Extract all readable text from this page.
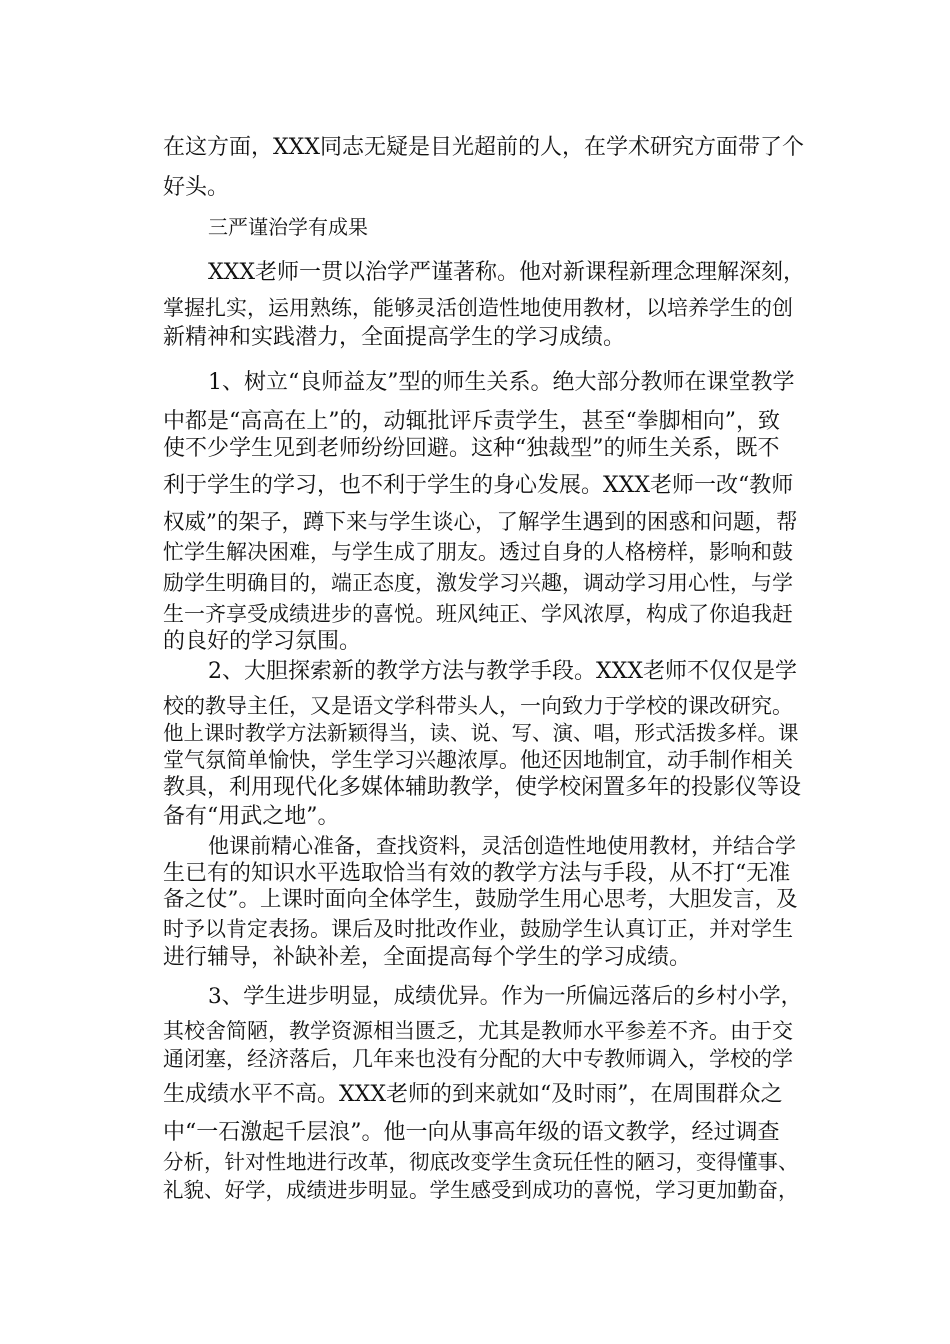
在这方面，XXX同志无疑是目光超前的人，在学术研究方面带了个
好头。
三严谨治学有成果
XXX老师一贯以治学严谨著称。他对新课程新理念理解深刻，
掌握扎实，运用熟练，能够灵活创造性地使用教材，以培养学生的创
新精神和实践潜力，全面提高学生的学习成绩。
1、树立“良师益友”型的师生关系。绝大部分教师在课堂教学
中都是“高高在上”的，动辄批评斥责学生，甚至“拳脚相向”，致
使不少学生见到老师纷纷回避。这种“独裁型”的师生关系，既不
利于学生的学习，也不利于学生的身心发展。XXX老师一改“教师
权威”的架子，蹲下来与学生谈心，了解学生遇到的困惑和问题，帮
忙学生解决困难，与学生成了朋友。透过自身的人格榜样，影响和鼓
励学生明确目的，端正态度，激发学习兴趣，调动学习用心性，与学
生一齐享受成绩进步的喜悦。班风纯正、学风浓厚，构成了你追我赶
的良好的学习氛围。
2、大胆探索新的教学方法与教学手段。XXX老师不仅仅是学
校的教导主任，又是语文学科带头人，一向致力于学校的课改研究。
他上课时教学方法新颖得当，读、说、写、演、唱，形式活拨多样。课
堂气氛简单愉快，学生学习兴趣浓厚。他还因地制宜，动手制作相关
教具，利用现代化多媒体辅助教学，使学校闲置多年的投影仪等设
备有“用武之地”。
他课前精心准备，查找资料，灵活创造性地使用教材，并结合学
生已有的知识水平选取恰当有效的教学方法与手段，从不打“无准
备之仗”。上课时面向全体学生，鼓励学生用心思考，大胆发言，及
时予以肯定表扬。课后及时批改作业，鼓励学生认真订正，并对学生
进行辅导，补缺补差，全面提高每个学生的学习成绩。
3、学生进步明显，成绩优异。作为一所偏远落后的乡村小学，
其校舍简陋，教学资源相当匮乏，尤其是教师水平参差不齐。由于交
通闭塞，经济落后，几年来也没有分配的大中专教师调入，学校的学
生成绩水平不高。XXX老师的到来就如“及时雨”，在周围群众之
中“一石激起千层浪”。他一向从事高年级的语文教学，经过调查
分析，针对性地进行改革，彻底改变学生贪玩任性的陋习，变得懂事、
礼貌、好学，成绩进步明显。学生感受到成功的喜悦，学习更加勤奋，
